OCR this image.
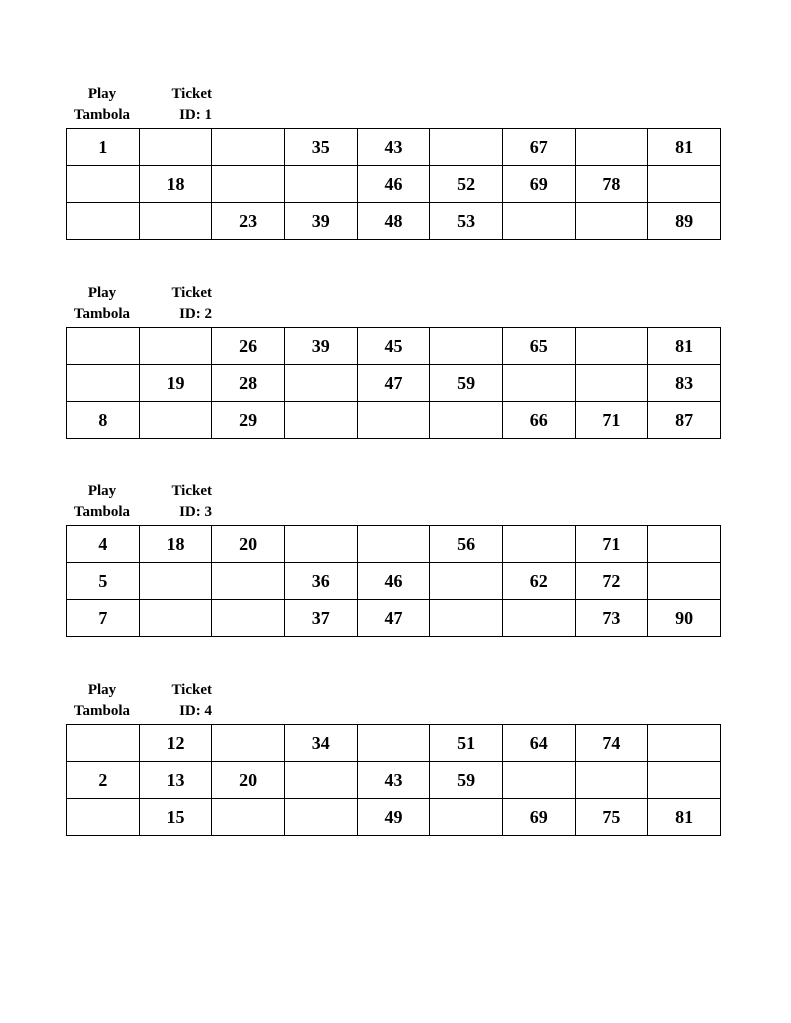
Play
Tambola
Ticket
ID: 1
1			35	43		67		81
	18			46	52	69	78	
		23	39	48	53			89
Play
Tambola
Ticket
ID: 2
		26	39	45		65		81
	19	28		47	59			83
8		29				66	71	87
Play
Tambola
Ticket
ID: 3
4	18	20			56		71	
5			36	46		62	72	
7			37	47			73	90
Play
Tambola
Ticket
ID: 4
	12		34		51	64	74	
2	13	20		43	59			
	15			49		69	75	81
